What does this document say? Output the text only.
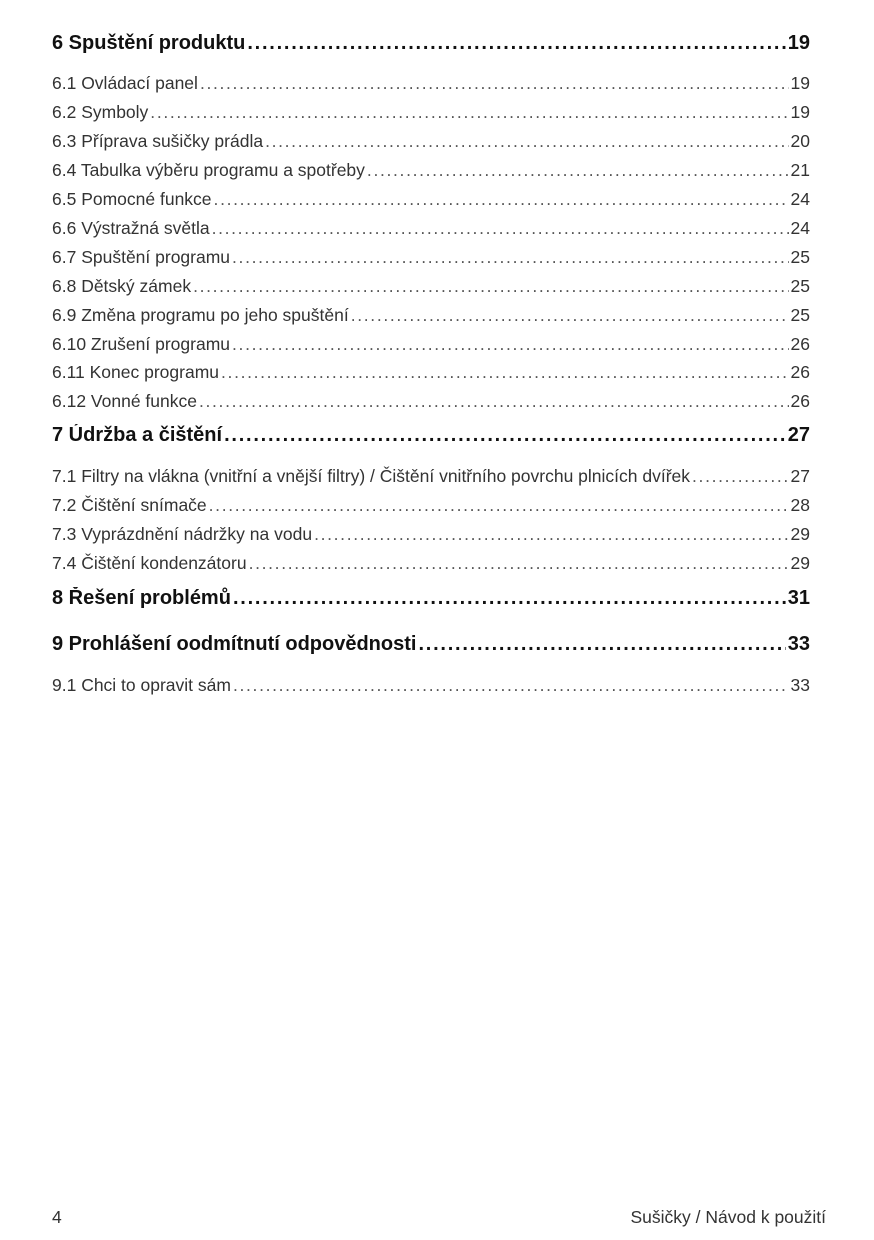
6 Spuštění produktu . . .	19
6.1 Ovládací panel . . .	19
6.2 Symboly . . .	19
6.3 Příprava sušičky prádla . . .	20
6.4 Tabulka výběru programu a spotřeby . . .	21
6.5 Pomocné funkce . . .	24
6.6 Výstražná světla . . .	24
6.7 Spuštění programu . . .	25
6.8 Dětský zámek . . .	25
6.9 Změna programu po jeho spuštění . . .	25
6.10 Zrušení programu . . .	26
6.11 Konec programu . . .	26
6.12 Vonné funkce . . .	26
7 Údržba a čištění . . .	27
7.1 Filtry na vlákna (vnitřní a vnější filtry) / Čištění vnitřního povrchu plnicích dvířek . . .	27
7.2 Čištění snímače . . .	28
7.3 Vyprázdnění nádržky na vodu . . .	29
7.4 Čištění kondenzátoru . . .	29
8 Řešení problémů . . .	31
9 Prohlášení oodmítnutí odpovědnosti . . .	33
9.1 Chci to opravit sám . . .	33
4	Sušičky / Návod k použití
